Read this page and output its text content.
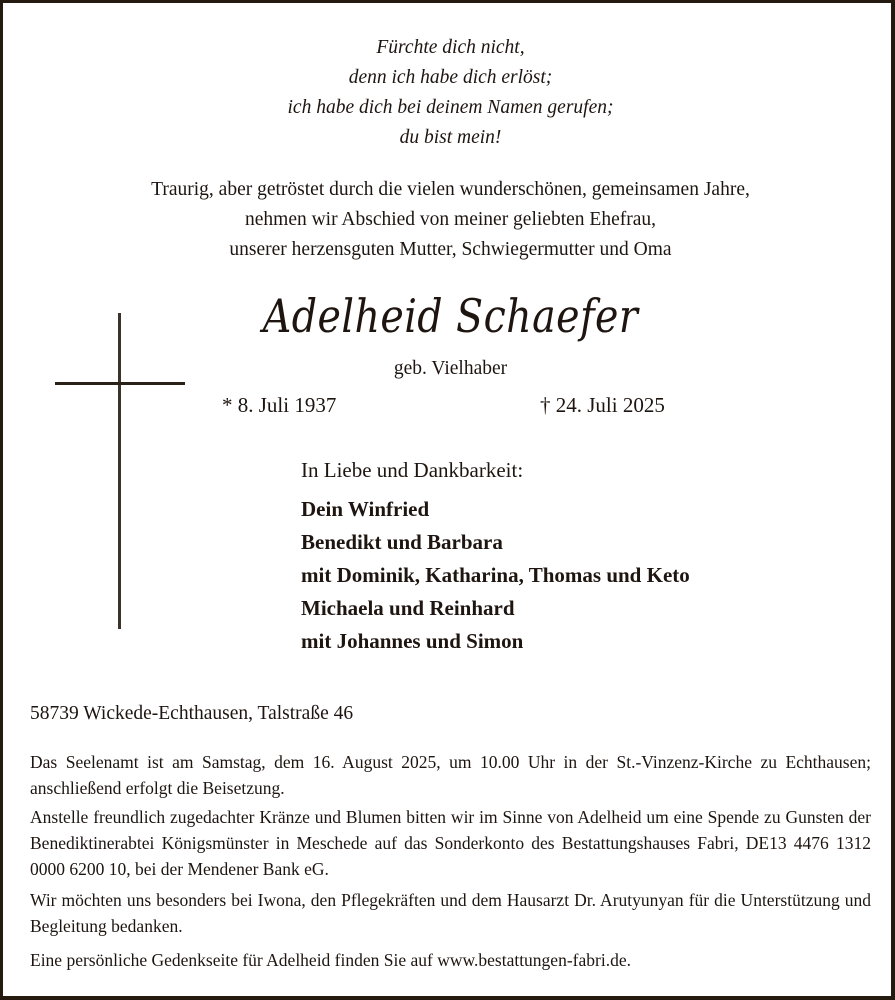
Fürchte dich nicht,
denn ich habe dich erlöst;
ich habe dich bei deinem Namen gerufen;
du bist mein!
Traurig, aber getröstet durch die vielen wunderschönen, gemeinsamen Jahre,
nehmen wir Abschied von meiner geliebten Ehefrau,
unserer herzensguten Mutter, Schwiegermutter und Oma
Adelheid Schaefer
geb. Vielhaber
* 8. Juli 1937	† 24. Juli 2025
In Liebe und Dankbarkeit:
Dein Winfried
Benedikt und Barbara
mit Dominik, Katharina, Thomas und Keto
Michaela und Reinhard
mit Johannes und Simon
58739 Wickede-Echthausen, Talstraße 46
Das Seelenamt ist am Samstag, dem 16. August 2025, um 10.00 Uhr in der St.-Vinzenz-Kirche zu Echthausen; anschließend erfolgt die Beisetzung.
Anstelle freundlich zugedachter Kränze und Blumen bitten wir im Sinne von Adelheid um eine Spende zu Gunsten der Benediktinerabtei Königsmünster in Meschede auf das Sonderkonto des Bestattungshauses Fabri, DE13 4476 1312 0000 6200 10, bei der Mendener Bank eG.
Wir möchten uns besonders bei Iwona, den Pflegekräften und dem Hausarzt Dr. Arutyunyan für die Unterstützung und Begleitung bedanken.
Eine persönliche Gedenkseite für Adelheid finden Sie auf www.bestattungen-fabri.de.
